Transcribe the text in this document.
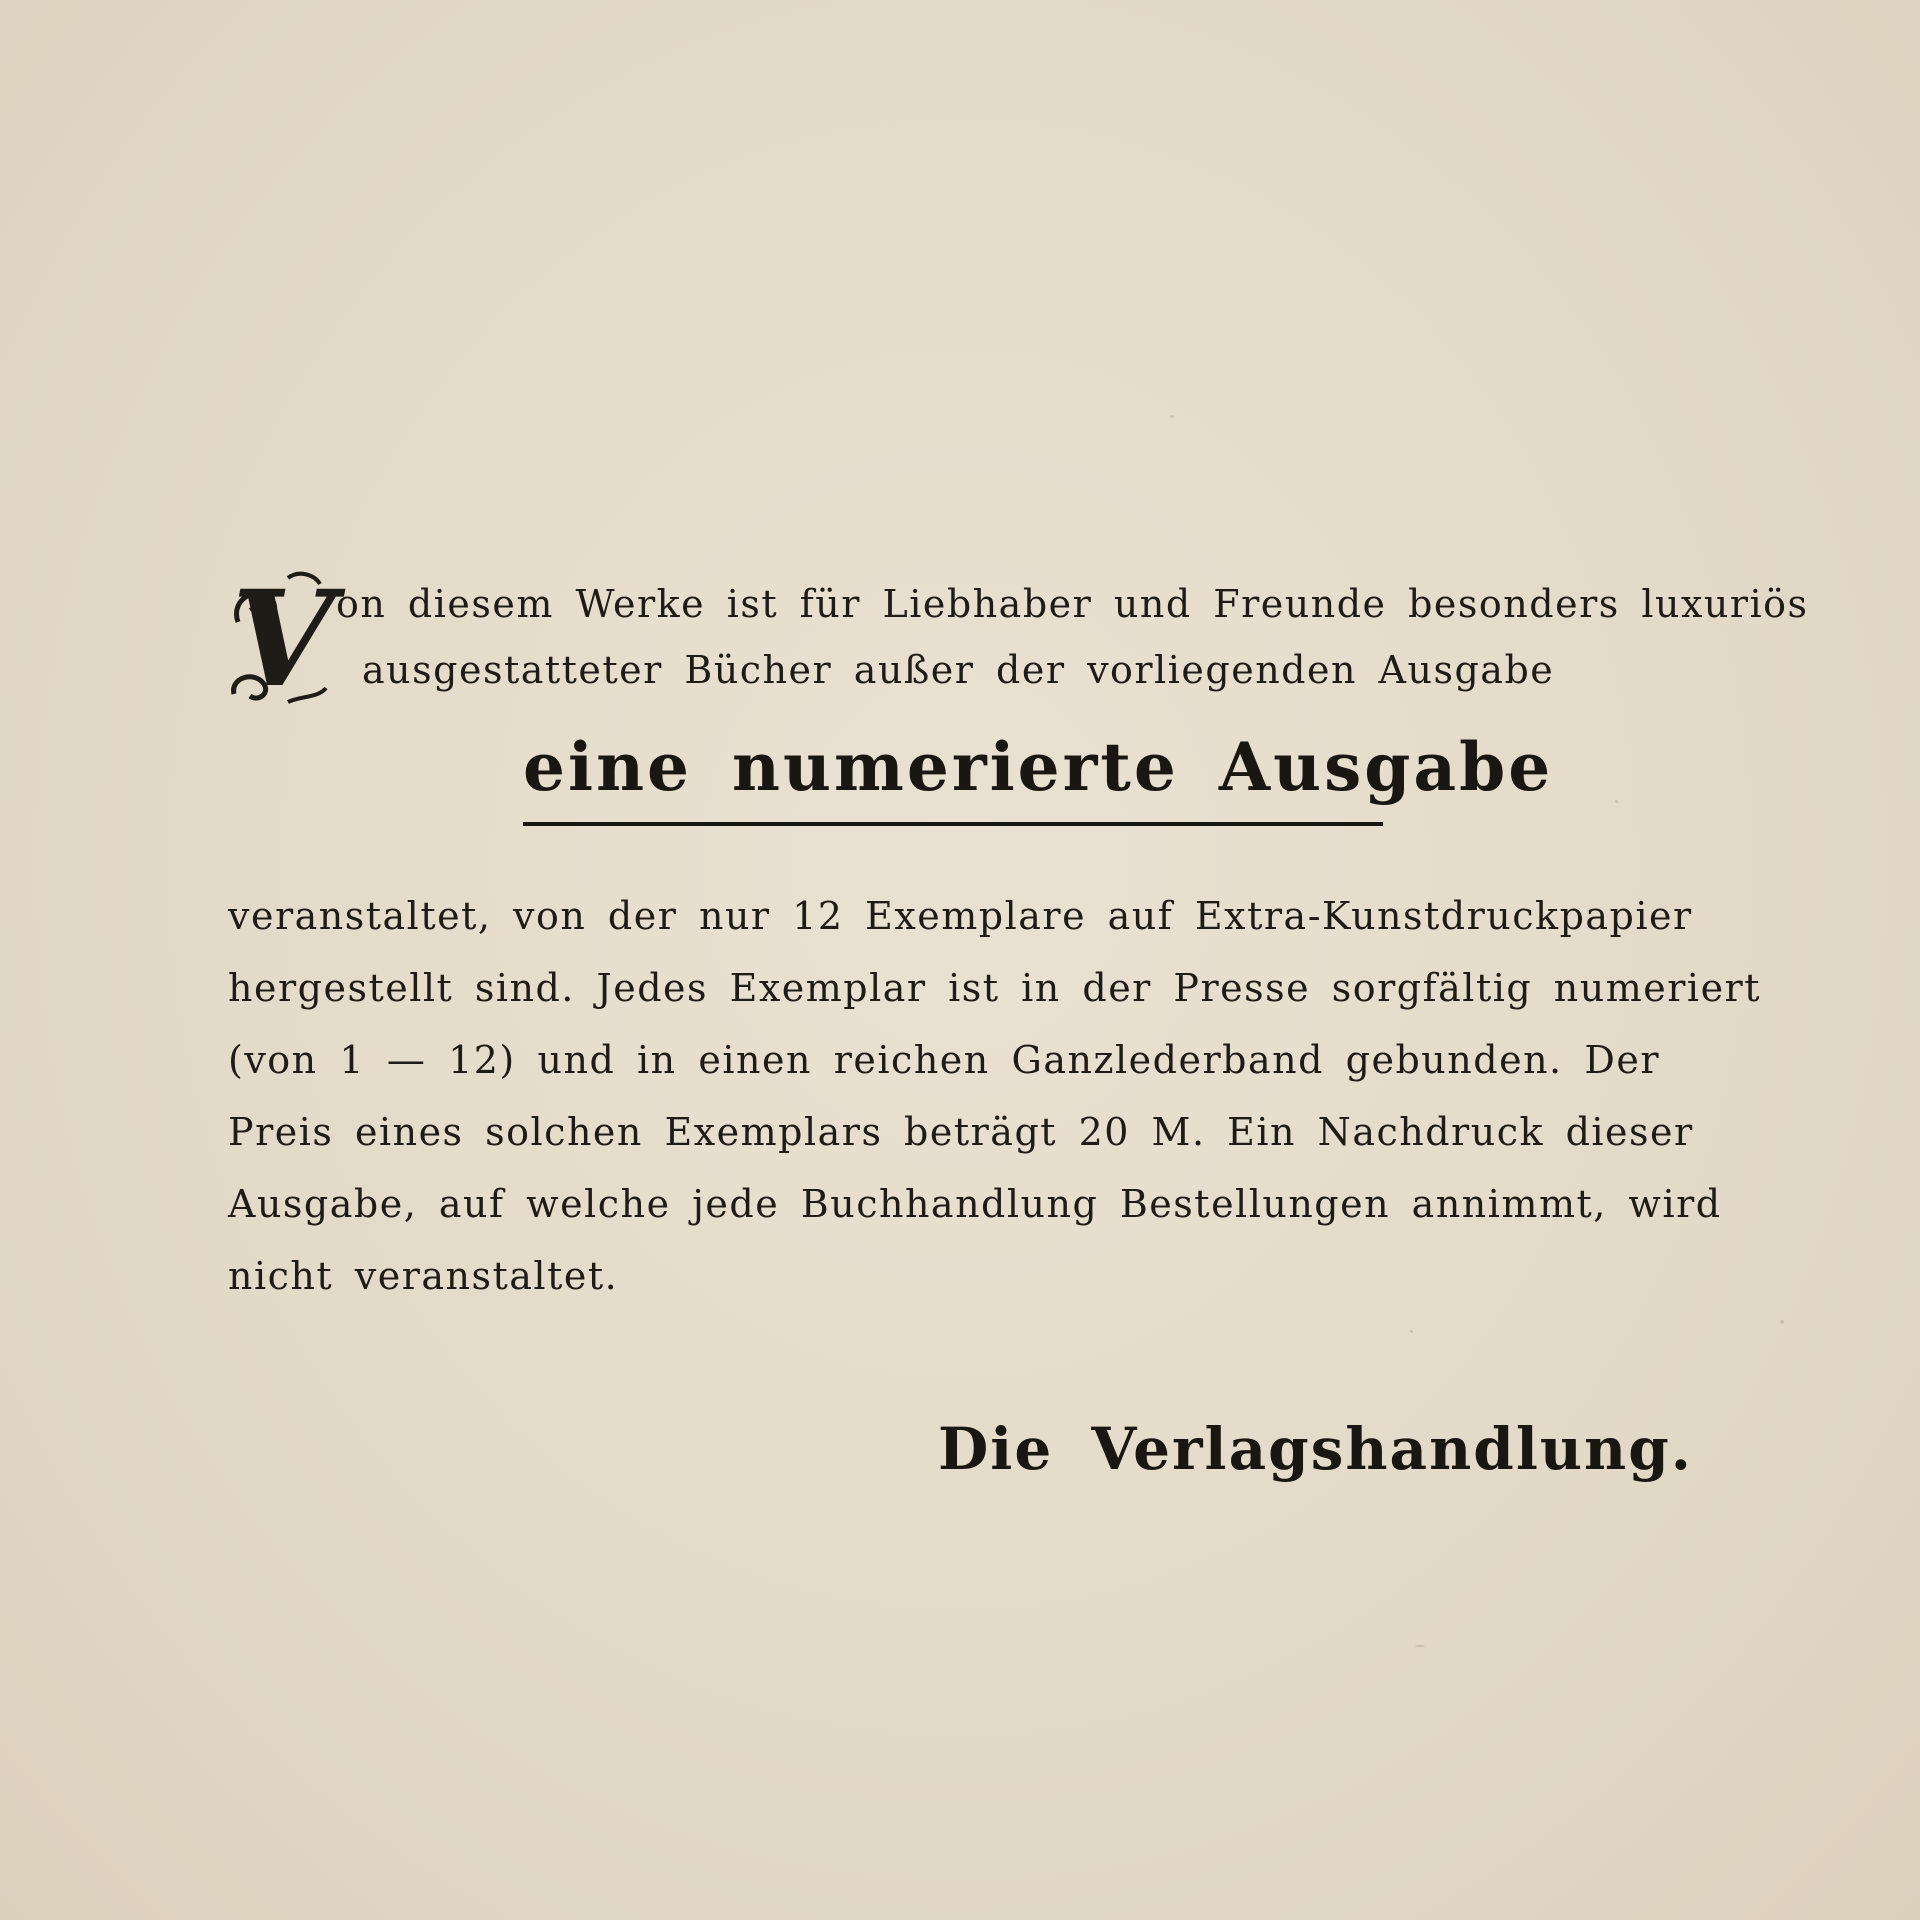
V on diesem Werke ist für Liebhaber und Freunde besonders luxuriös
ausgestatteter Bücher außer der vorliegenden Ausgabe
eine numerierte Ausgabe
veranstaltet, von der nur 12 Exemplare auf Extra-Kunstdruckpapier
hergestellt sind. Jedes Exemplar ist in der Presse sorgfältig numeriert
(von 1 — 12) und in einen reichen Ganzlederband gebunden. Der
Preis eines solchen Exemplars beträgt 20 M. Ein Nachdruck dieser
Ausgabe, auf welche jede Buchhandlung Bestellungen annimmt, wird
nicht veranstaltet.
Die Verlagshandlung.
